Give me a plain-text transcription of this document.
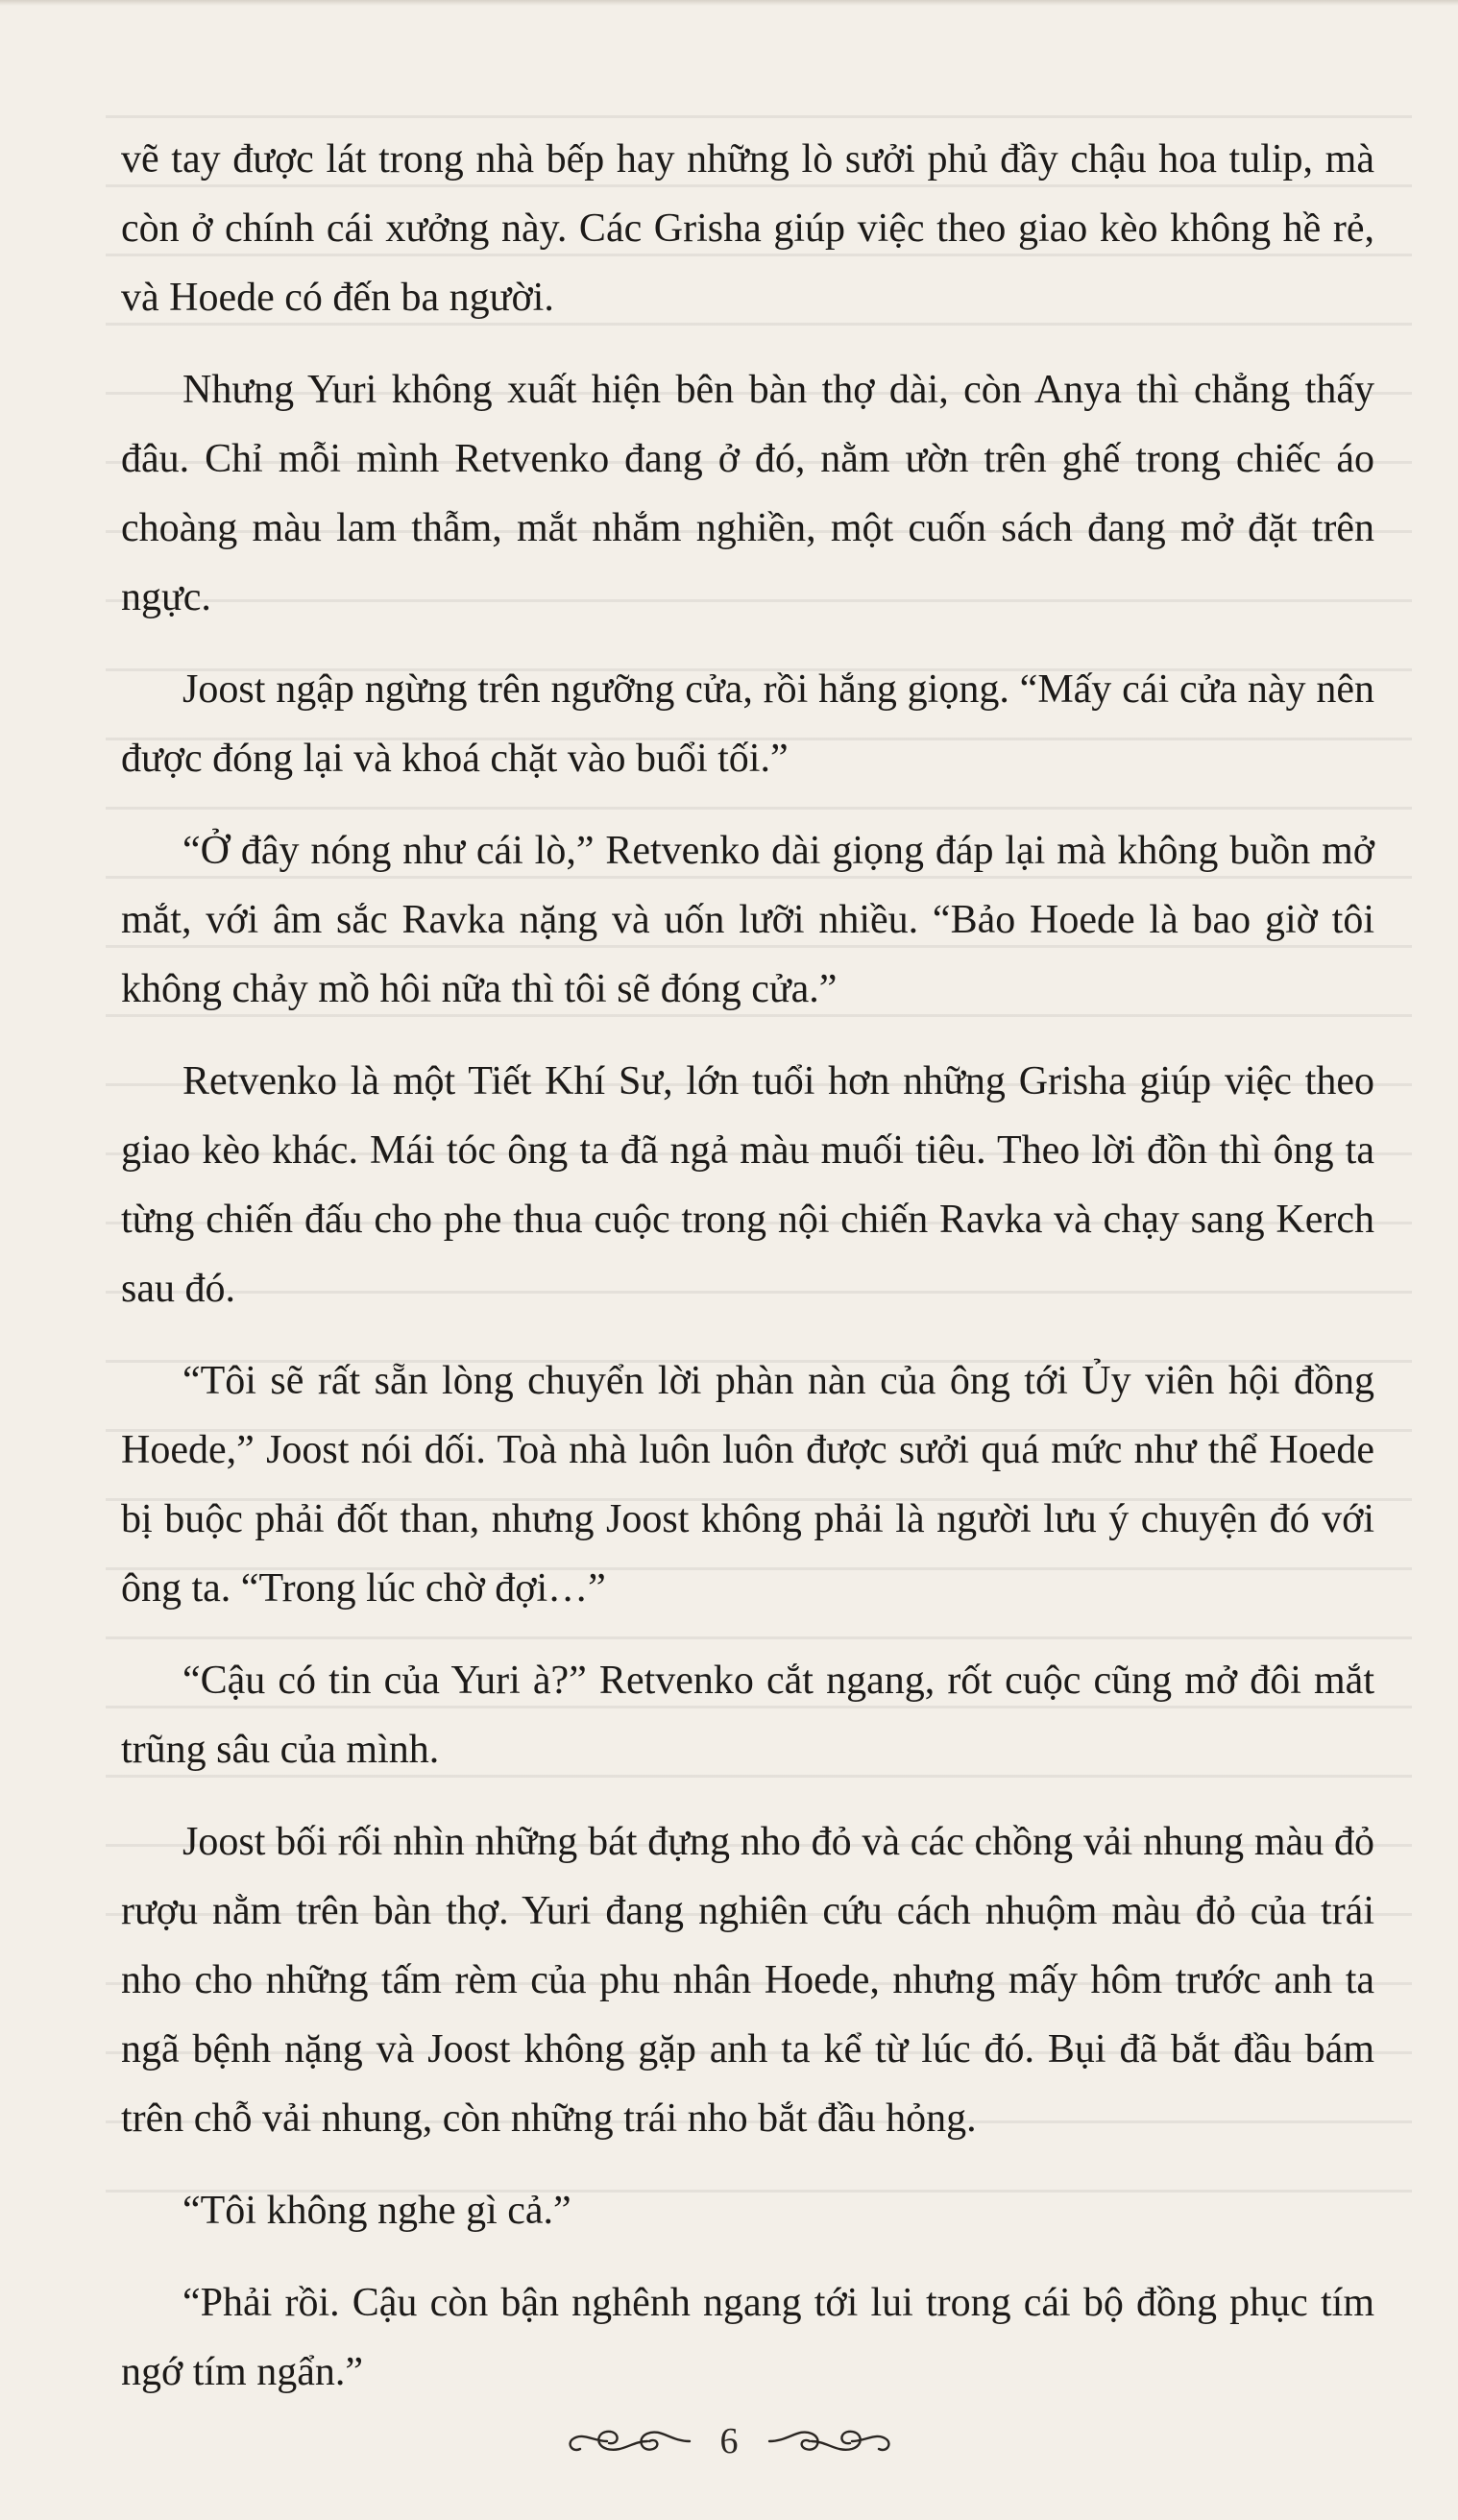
vẽ tay được lát trong nhà bếp hay những lò sưởi phủ đầy chậu hoa tulip, mà còn ở chính cái xưởng này. Các Grisha giúp việc theo giao kèo không hề rẻ, và Hoede có đến ba người.

Nhưng Yuri không xuất hiện bên bàn thợ dài, còn Anya thì chẳng thấy đâu. Chỉ mỗi mình Retvenko đang ở đó, nằm ườn trên ghế trong chiếc áo choàng màu lam thẫm, mắt nhắm nghiền, một cuốn sách đang mở đặt trên ngực.

Joost ngập ngừng trên ngưỡng cửa, rồi hắng giọng. “Mấy cái cửa này nên được đóng lại và khoá chặt vào buổi tối.”

“Ở đây nóng như cái lò,” Retvenko dài giọng đáp lại mà không buồn mở mắt, với âm sắc Ravka nặng và uốn lưỡi nhiều. “Bảo Hoede là bao giờ tôi không chảy mồ hôi nữa thì tôi sẽ đóng cửa.”

Retvenko là một Tiết Khí Sư, lớn tuổi hơn những Grisha giúp việc theo giao kèo khác. Mái tóc ông ta đã ngả màu muối tiêu. Theo lời đồn thì ông ta từng chiến đấu cho phe thua cuộc trong nội chiến Ravka và chạy sang Kerch sau đó.

“Tôi sẽ rất sẵn lòng chuyển lời phàn nàn của ông tới Ủy viên hội đồng Hoede,” Joost nói dối. Toà nhà luôn luôn được sưởi quá mức như thể Hoede bị buộc phải đốt than, nhưng Joost không phải là người lưu ý chuyện đó với ông ta. “Trong lúc chờ đợi…”

“Cậu có tin của Yuri à?” Retvenko cắt ngang, rốt cuộc cũng mở đôi mắt trũng sâu của mình.

Joost bối rối nhìn những bát đựng nho đỏ và các chồng vải nhung màu đỏ rượu nằm trên bàn thợ. Yuri đang nghiên cứu cách nhuộm màu đỏ của trái nho cho những tấm rèm của phu nhân Hoede, nhưng mấy hôm trước anh ta ngã bệnh nặng và Joost không gặp anh ta kể từ lúc đó. Bụi đã bắt đầu bám trên chỗ vải nhung, còn những trái nho bắt đầu hỏng.

“Tôi không nghe gì cả.”

“Phải rồi. Cậu còn bận nghênh ngang tới lui trong cái bộ đồng phục tím ngớ tím ngẩn.”

6
